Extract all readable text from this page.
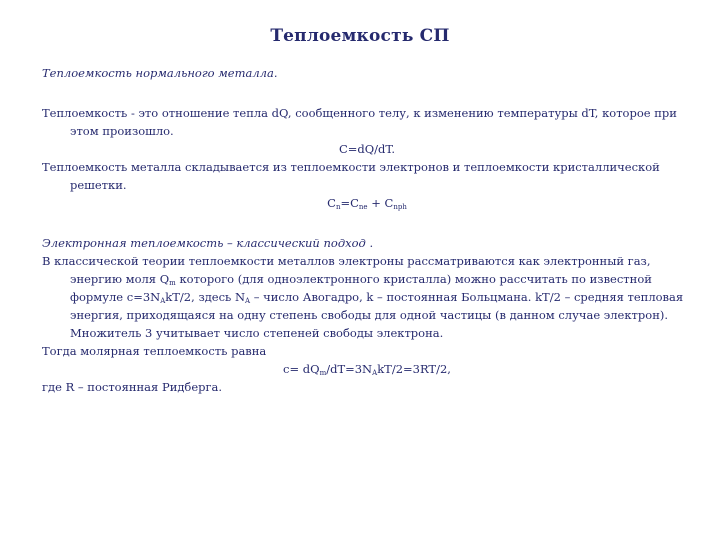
Теплоемкость СП

Теплоемкость нормального металла.

Теплоемкость - это отношение тепла dQ, сообщенного телу, к изменению температуры dT, которое при этом произошло.

C=dQ/dT.

Теплоемкость металла складывается из теплоемкости электронов и теплоемкости кристаллической решетки.

$C_n=C_{ne} + C_{nph}$

Электронная теплоемкость – классический подход .

В классической теории теплоемкости металлов электроны рассматриваются как электронный газ, энергию моля $Q_m$ которого (для одноэлектронного кристалла) можно рассчитать по известной формуле $c=3N_AkT/2$, здесь $N_A$ – число Авогадро, k – постоянная Больцмана. kT/2 – средняя тепловая энергия, приходящаяся на одну степень свободы для одной частицы (в данном случае электрон). Множитель 3 учитывает число степеней свободы электрона.

Тогда молярная теплоемкость равна

$c= dQ_m/dT=3N_AkT/2=3RT/2$,

где R – постоянная Ридберга.
